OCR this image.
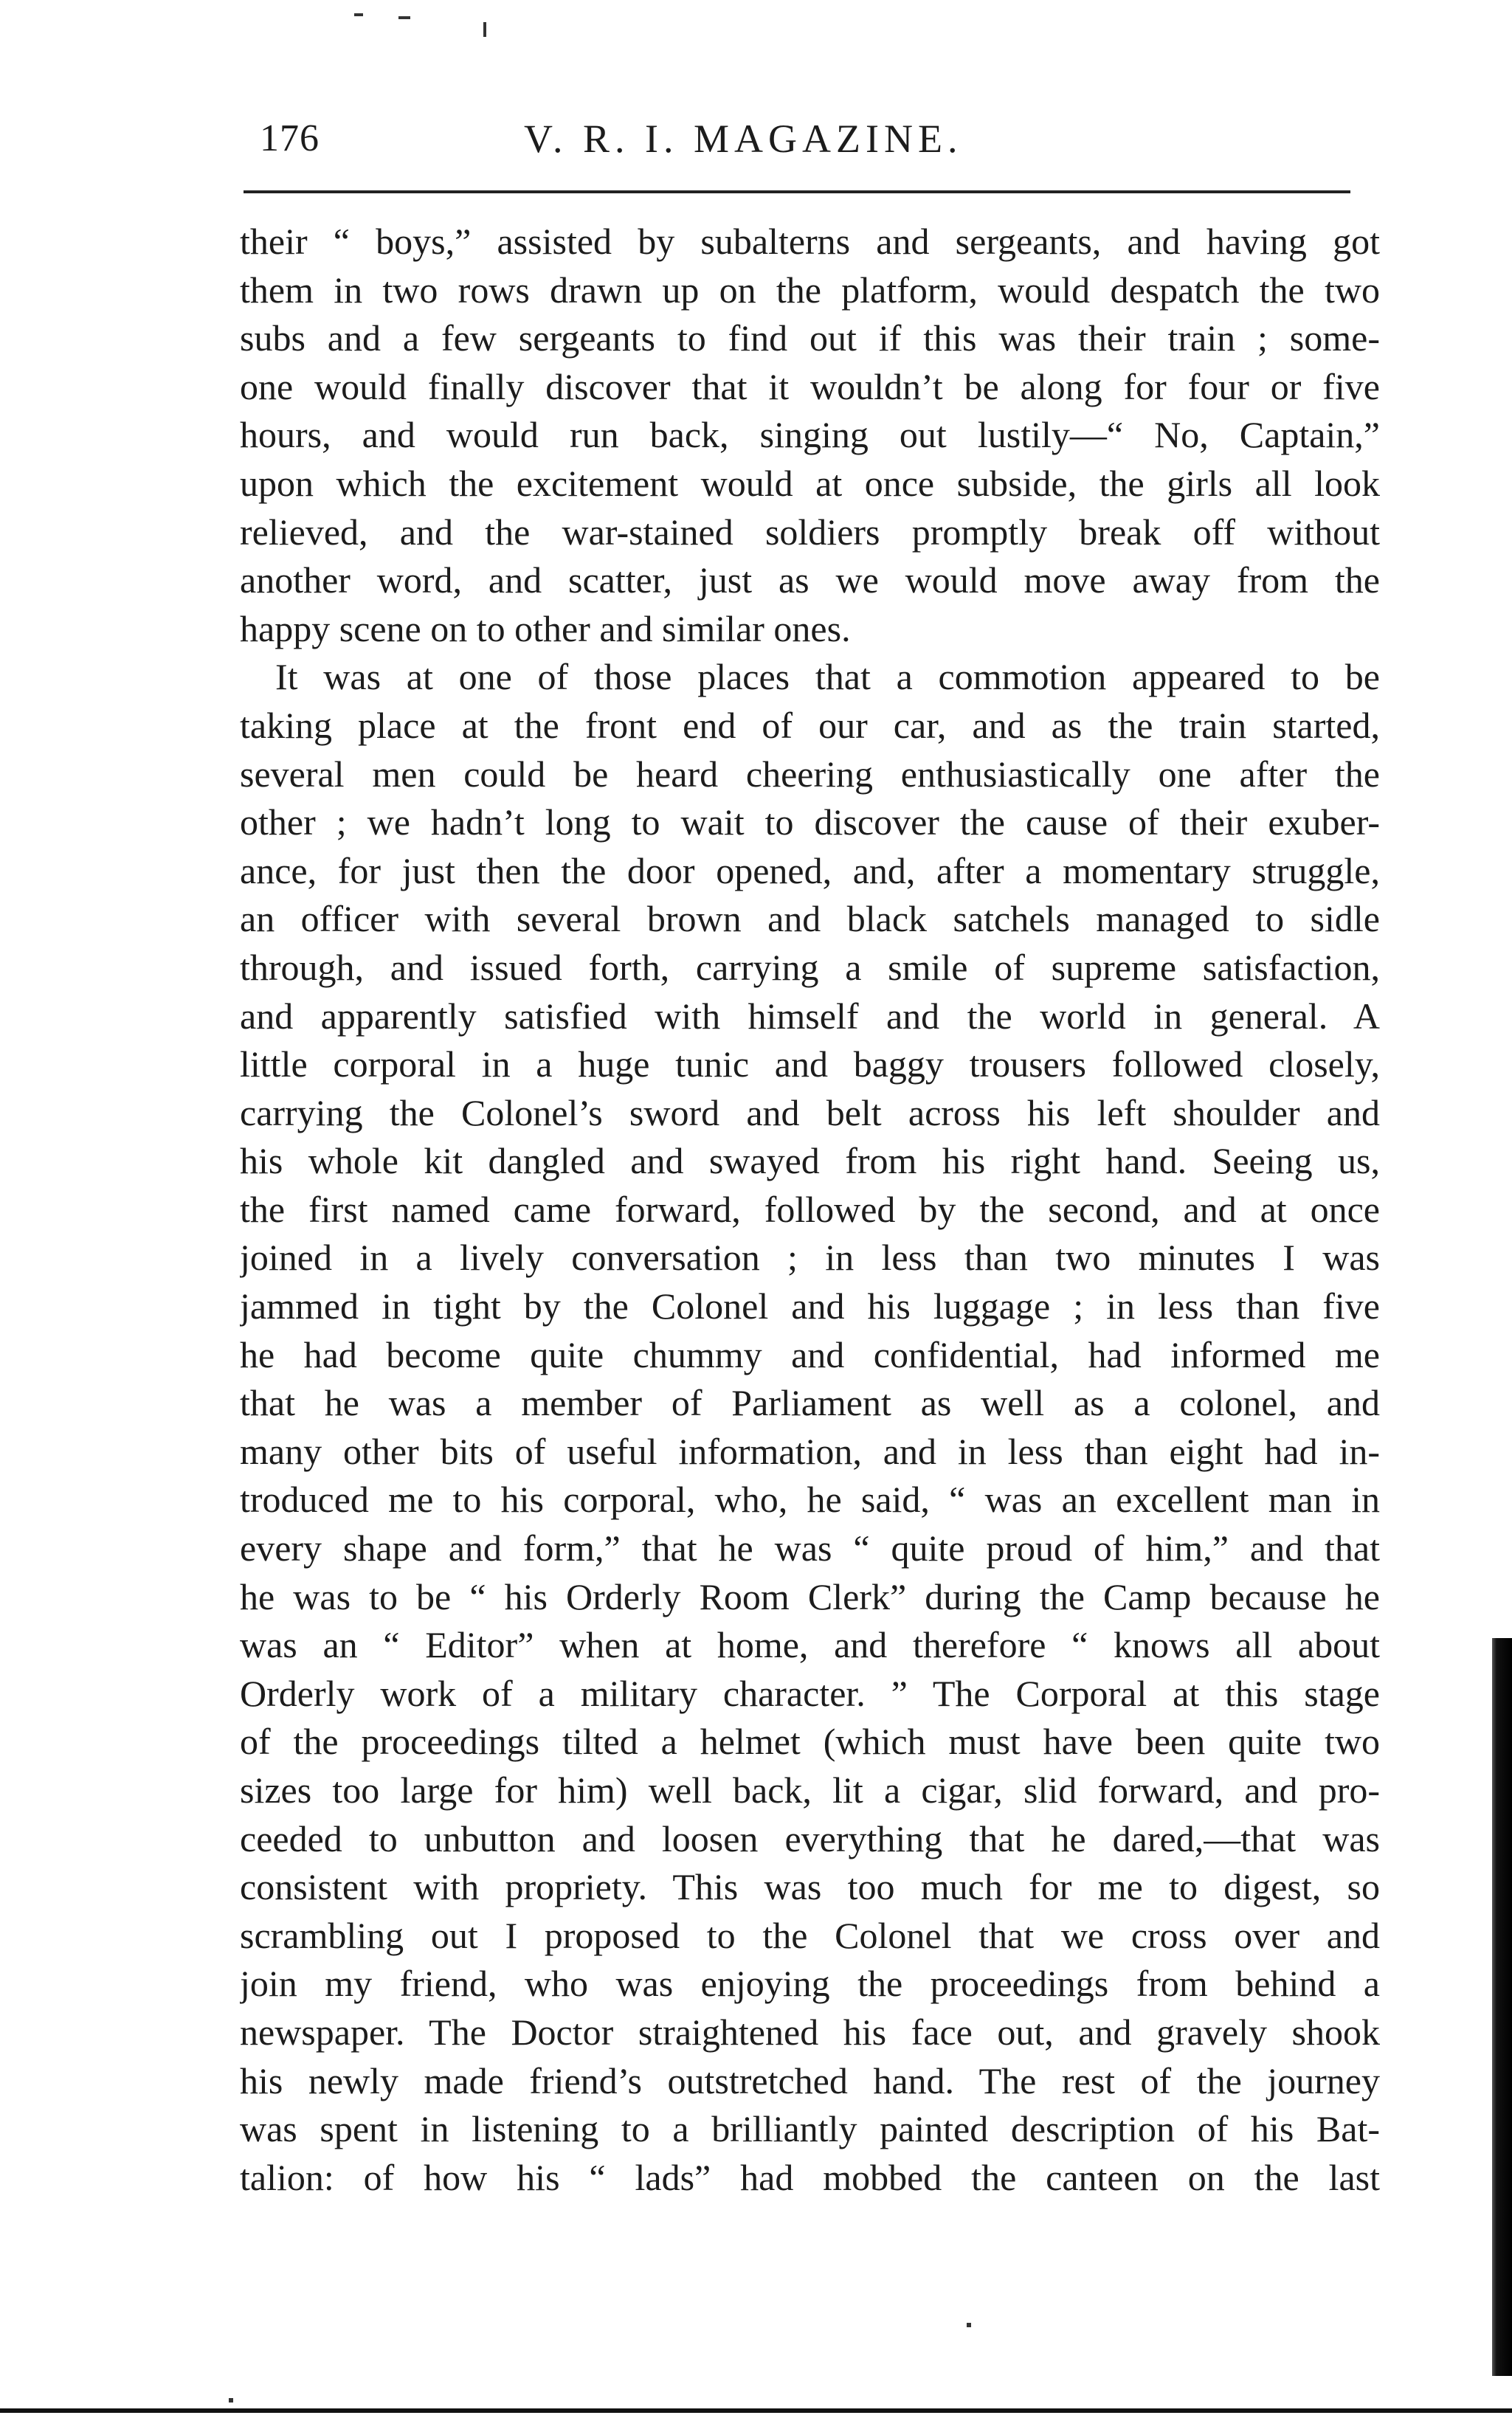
176	V. R. I. MAGAZINE.
their “ boys,” assisted by subalterns and sergeants, and having got
them in two rows drawn up on the platform, would despatch the two
subs and a few sergeants to find out if this was their train ; some-
one would finally discover that it wouldn’t be along for four or five
hours, and would run back, singing out lustily—“ No, Captain,”
upon which the excitement would at once subside, the girls all look
relieved, and the war-stained soldiers promptly break off without
another word, and scatter, just as we would move away from the
happy scene on to other and similar ones.
It was at one of those places that a commotion appeared to be
taking place at the front end of our car, and as the train started,
several men could be heard cheering enthusiastically one after the
other ; we hadn’t long to wait to discover the cause of their exuber-
ance, for just then the door opened, and, after a momentary struggle,
an officer with several brown and black satchels managed to sidle
through, and issued forth, carrying a smile of supreme satisfaction,
and apparently satisfied with himself and the world in general. A
little corporal in a huge tunic and baggy trousers followed closely,
carrying the Colonel’s sword and belt across his left shoulder and
his whole kit dangled and swayed from his right hand. Seeing us,
the first named came forward, followed by the second, and at once
joined in a lively conversation ; in less than two minutes I was
jammed in tight by the Colonel and his luggage ; in less than five
he had become quite chummy and confidential, had informed me
that he was a member of Parliament as well as a colonel, and
many other bits of useful information, and in less than eight had in-
troduced me to his corporal, who, he said, “ was an excellent man in
every shape and form,” that he was “ quite proud of him,” and that
he was to be “ his Orderly Room Clerk” during the Camp because he
was an “ Editor” when at home, and therefore “ knows all about
Orderly work of a military character. ” The Corporal at this stage
of the proceedings tilted a helmet (which must have been quite two
sizes too large for him) well back, lit a cigar, slid forward, and pro-
ceeded to unbutton and loosen everything that he dared,—that was
consistent with propriety. This was too much for me to digest, so
scrambling out I proposed to the Colonel that we cross over and
join my friend, who was enjoying the proceedings from behind a
newspaper. The Doctor straightened his face out, and gravely shook
his newly made friend’s outstretched hand. The rest of the journey
was spent in listening to a brilliantly painted description of his Bat-
talion: of how his “ lads” had mobbed the canteen on the last
